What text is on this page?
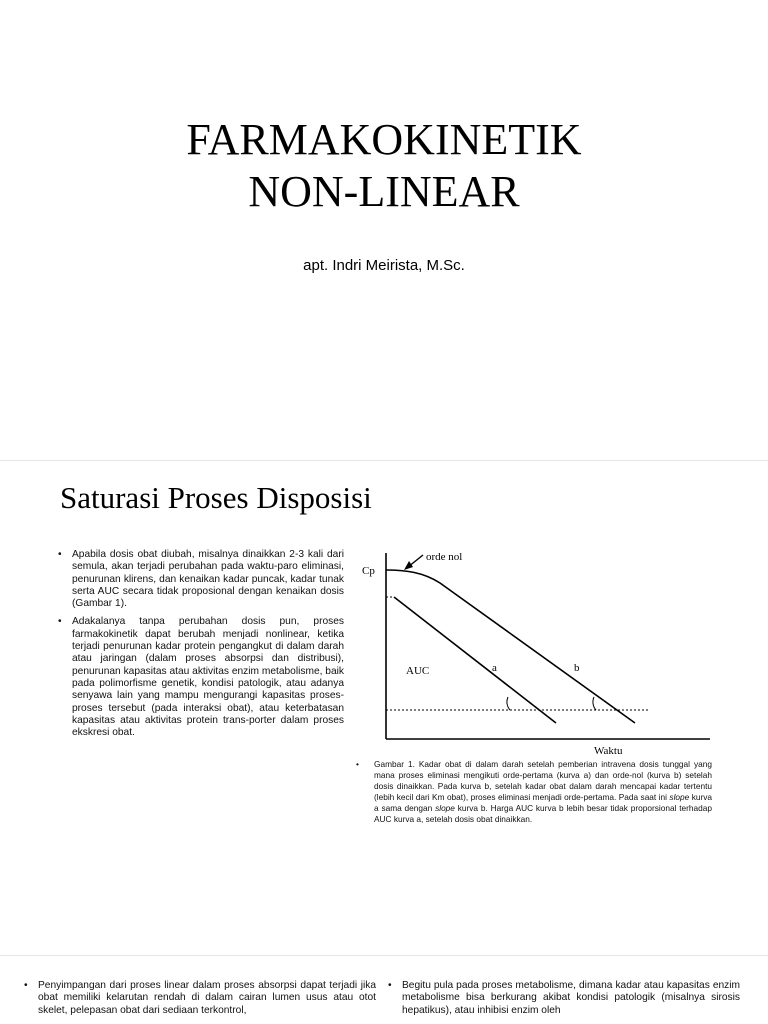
FARMAKOKINETIK
NON-LINEAR
apt. Indri Meirista, M.Sc.
Saturasi Proses Disposisi
• Apabila dosis obat diubah, misalnya dinaikkan 2-3 kali dari semula, akan terjadi perubahan pada waktu-paro eliminasi, penurunan klirens, dan kenaikan kadar puncak, kadar tunak serta AUC secara tidak proposional dengan kenaikan dosis (Gambar 1).
• Adakalanya tanpa perubahan dosis pun, proses farmakokinetik dapat berubah menjadi nonlinear, ketika terjadi penurunan kadar protein pengangkut di dalam darah atau jaringan (dalam proses absorpsi dan distribusi), penurunan kapasitas atau aktivitas enzim metabolisme, baik pada polimorfisme genetik, kondisi patologik, atau adanya senyawa lain yang mampu mengurangi kapasitas proses-proses tersebut (pada interaksi obat), atau keterbatasan kapasitas atau aktivitas protein trans-porter dalam proses ekskresi obat.
orde nol
Cp
AUC	a	b
Waktu
• Gambar 1. Kadar obat di dalam darah setelah pemberian intravena dosis tunggal yang mana proses eliminasi mengikuti orde-pertama (kurva a) dan orde-nol (kurva b) setelah dosis dinaikkan. Pada kurva b, setelah kadar obat dalam darah mencapai kadar tertentu (lebih kecil dari Km obat), proses eliminasi menjadi orde-pertama. Pada saat ini slope kurva a sama dengan slope kurva b. Harga AUC kurva b lebih besar tidak proporsional terhadap AUC kurva a, setelah dosis obat dinaikkan.
• Penyimpangan dari proses linear dalam proses absorpsi dapat terjadi jika obat memiliki kelarutan rendah di dalam cairan lumen usus atau otot skelet, pelepasan obat dari sediaan terkontrol,
• Begitu pula pada proses metabolisme, dimana kadar atau kapasitas enzim metabolisme bisa berkurang akibat kondisi patologik (misalnya sirosis hepatikus), atau inhibisi enzim oleh
